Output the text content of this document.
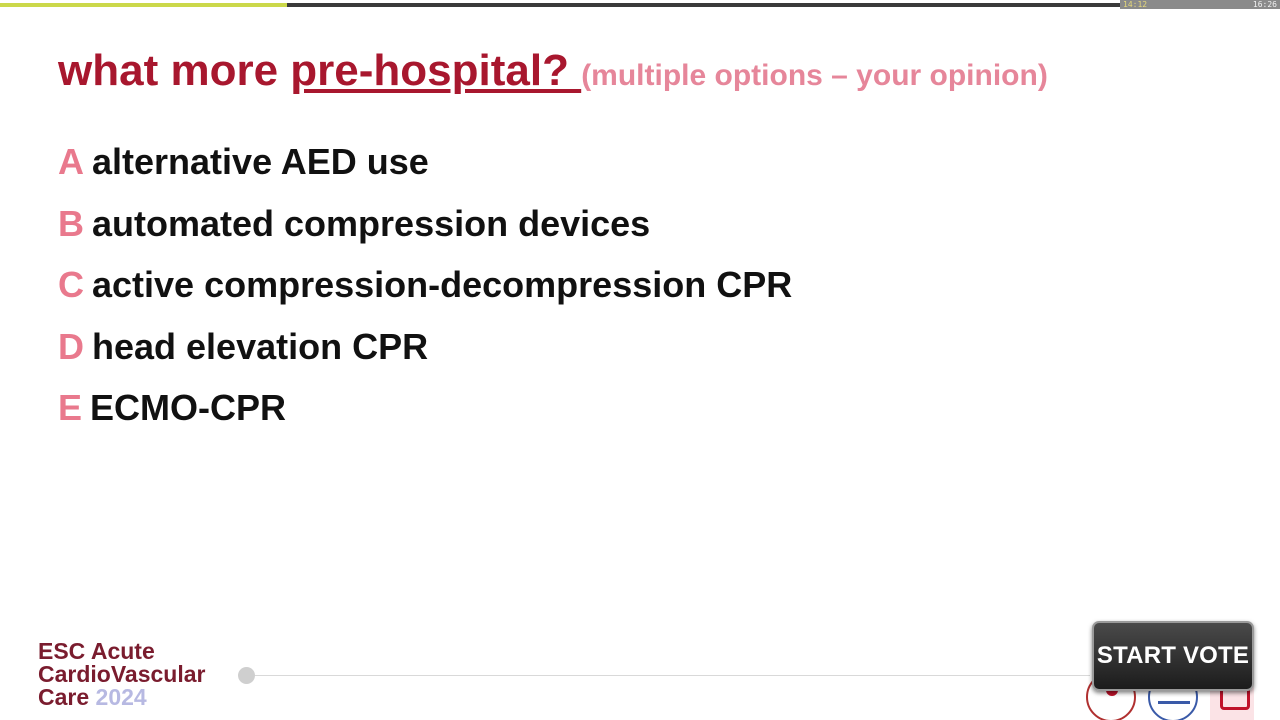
14:12	16:26
what more pre-hospital? (multiple options – your opinion)
A alternative AED use
B automated compression devices
C active compression-decompression CPR
D head elevation CPR
E ECMO-CPR
ESC Acute
CardioVascular
Care 2024
START VOTE
